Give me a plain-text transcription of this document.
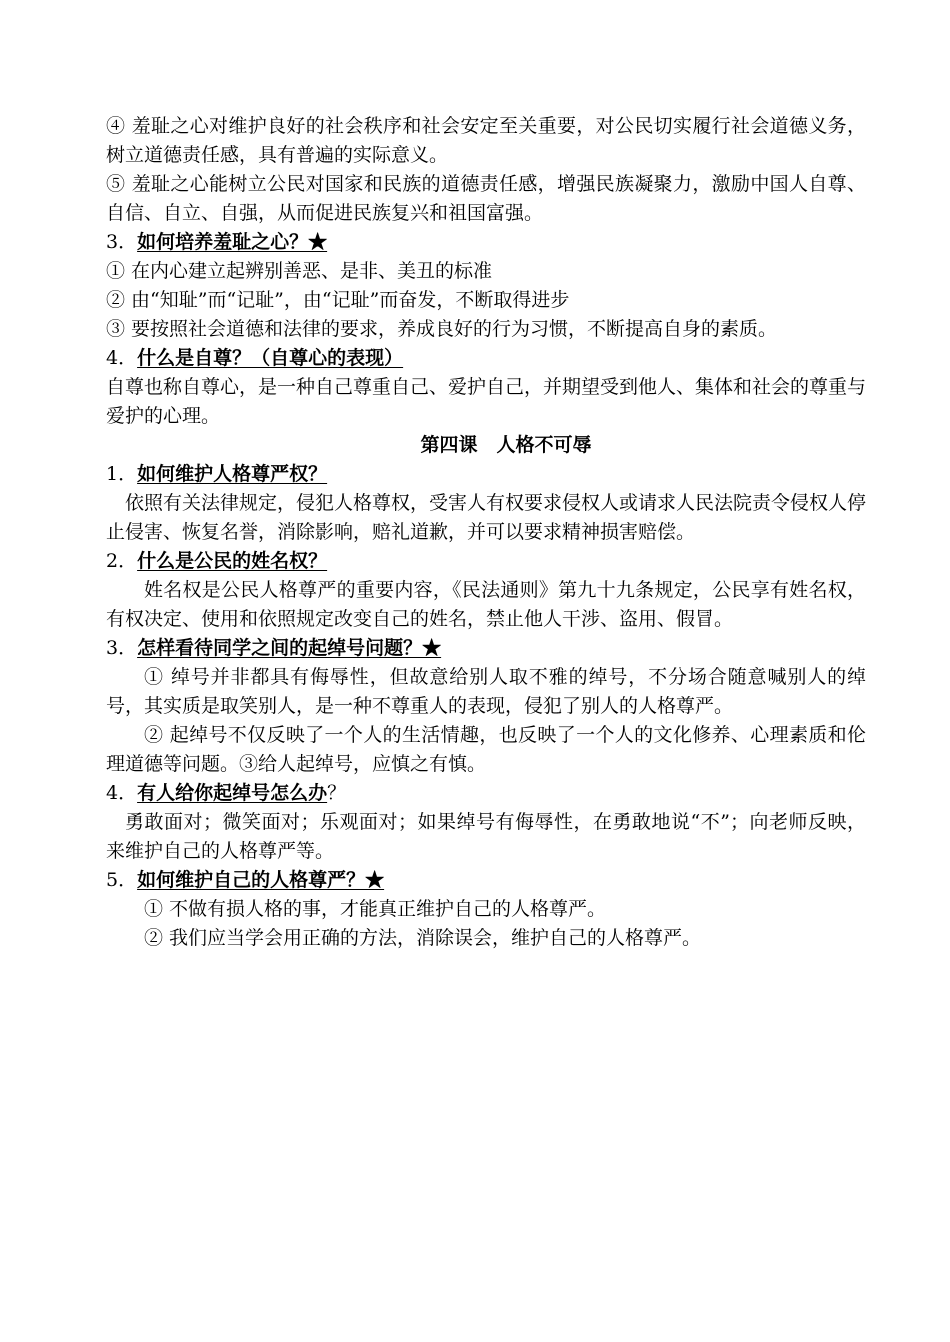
④ 羞耻之心对维护良好的社会秩序和社会安定至关重要，对公民切实履行社会道德义务，树立道德责任感，具有普遍的实际意义。

⑤ 羞耻之心能树立公民对国家和民族的道德责任感，增强民族凝聚力，激励中国人自尊、自信、自立、自强，从而促进民族复兴和祖国富强。

3．如何培养羞耻之心？★

① 在内心建立起辨别善恶、是非、美丑的标准

② 由“知耻”而“记耻”，由“记耻”而奋发，不断取得进步

③ 要按照社会道德和法律的要求，养成良好的行为习惯，不断提高自身的素质。

4．什么是自尊？（自尊心的表现）

自尊也称自尊心，是一种自己尊重自己、爱护自己，并期望受到他人、集体和社会的尊重与爱护的心理。

第四课　人格不可辱

1．如何维护人格尊严权？

依照有关法律规定，侵犯人格尊权，受害人有权要求侵权人或请求人民法院责令侵权人停止侵害、恢复名誉，消除影响，赔礼道歉，并可以要求精神损害赔偿。

2．什么是公民的姓名权？

姓名权是公民人格尊严的重要内容，《民法通则》第九十九条规定，公民享有姓名权，有权决定、使用和依照规定改变自己的姓名，禁止他人干涉、盗用、假冒。

3．怎样看待同学之间的起绰号问题？★

① 绰号并非都具有侮辱性，但故意给别人取不雅的绰号，不分场合随意喊别人的绰号，其实质是取笑别人，是一种不尊重人的表现，侵犯了别人的人格尊严。

② 起绰号不仅反映了一个人的生活情趣，也反映了一个人的文化修养、心理素质和伦理道德等问题。③给人起绰号，应慎之有慎。

4．有人给你起绰号怎么办？

勇敢面对；微笑面对；乐观面对；如果绰号有侮辱性，在勇敢地说“不”；向老师反映，来维护自己的人格尊严等。

5．如何维护自己的人格尊严？★

① 不做有损人格的事，才能真正维护自己的人格尊严。

② 我们应当学会用正确的方法，消除误会，维护自己的人格尊严。
